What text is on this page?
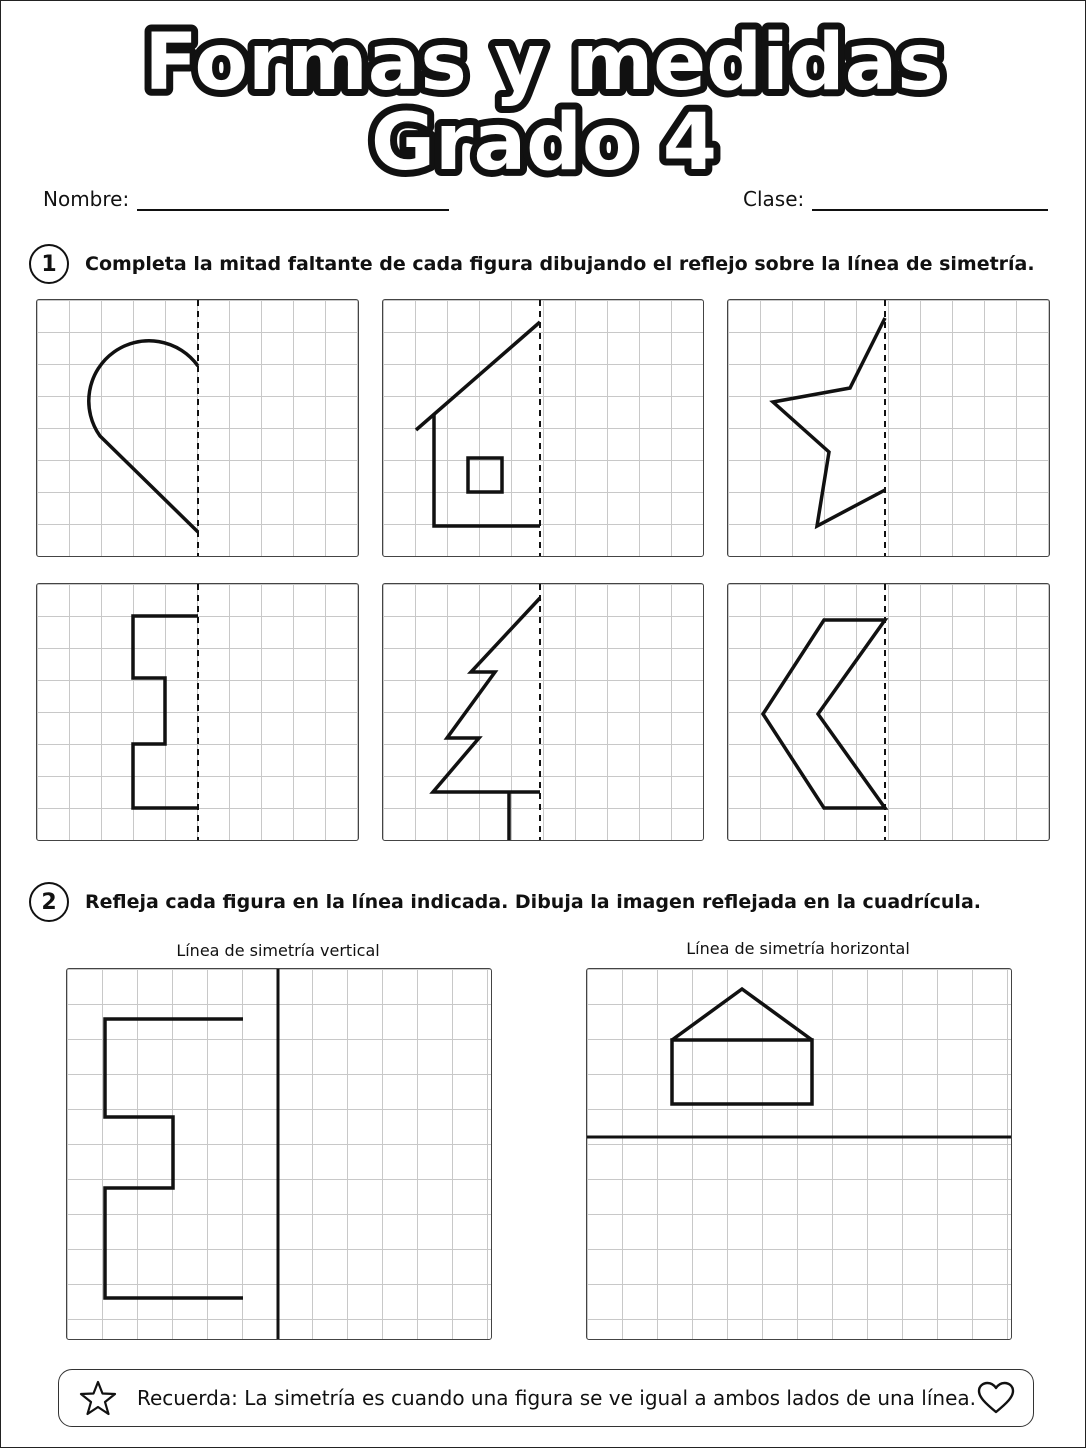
Formas y medidas
Grado 4
Nombre:	Clase:
1	Completa la mitad faltante de cada figura dibujando el reflejo sobre la línea de simetría.
2	Refleja cada figura en la línea indicada. Dibuja la imagen reflejada en la cuadrícula.
Línea de simetría vertical	Línea de simetría horizontal
Recuerda: La simetría es cuando una figura se ve igual a ambos lados de una línea.
